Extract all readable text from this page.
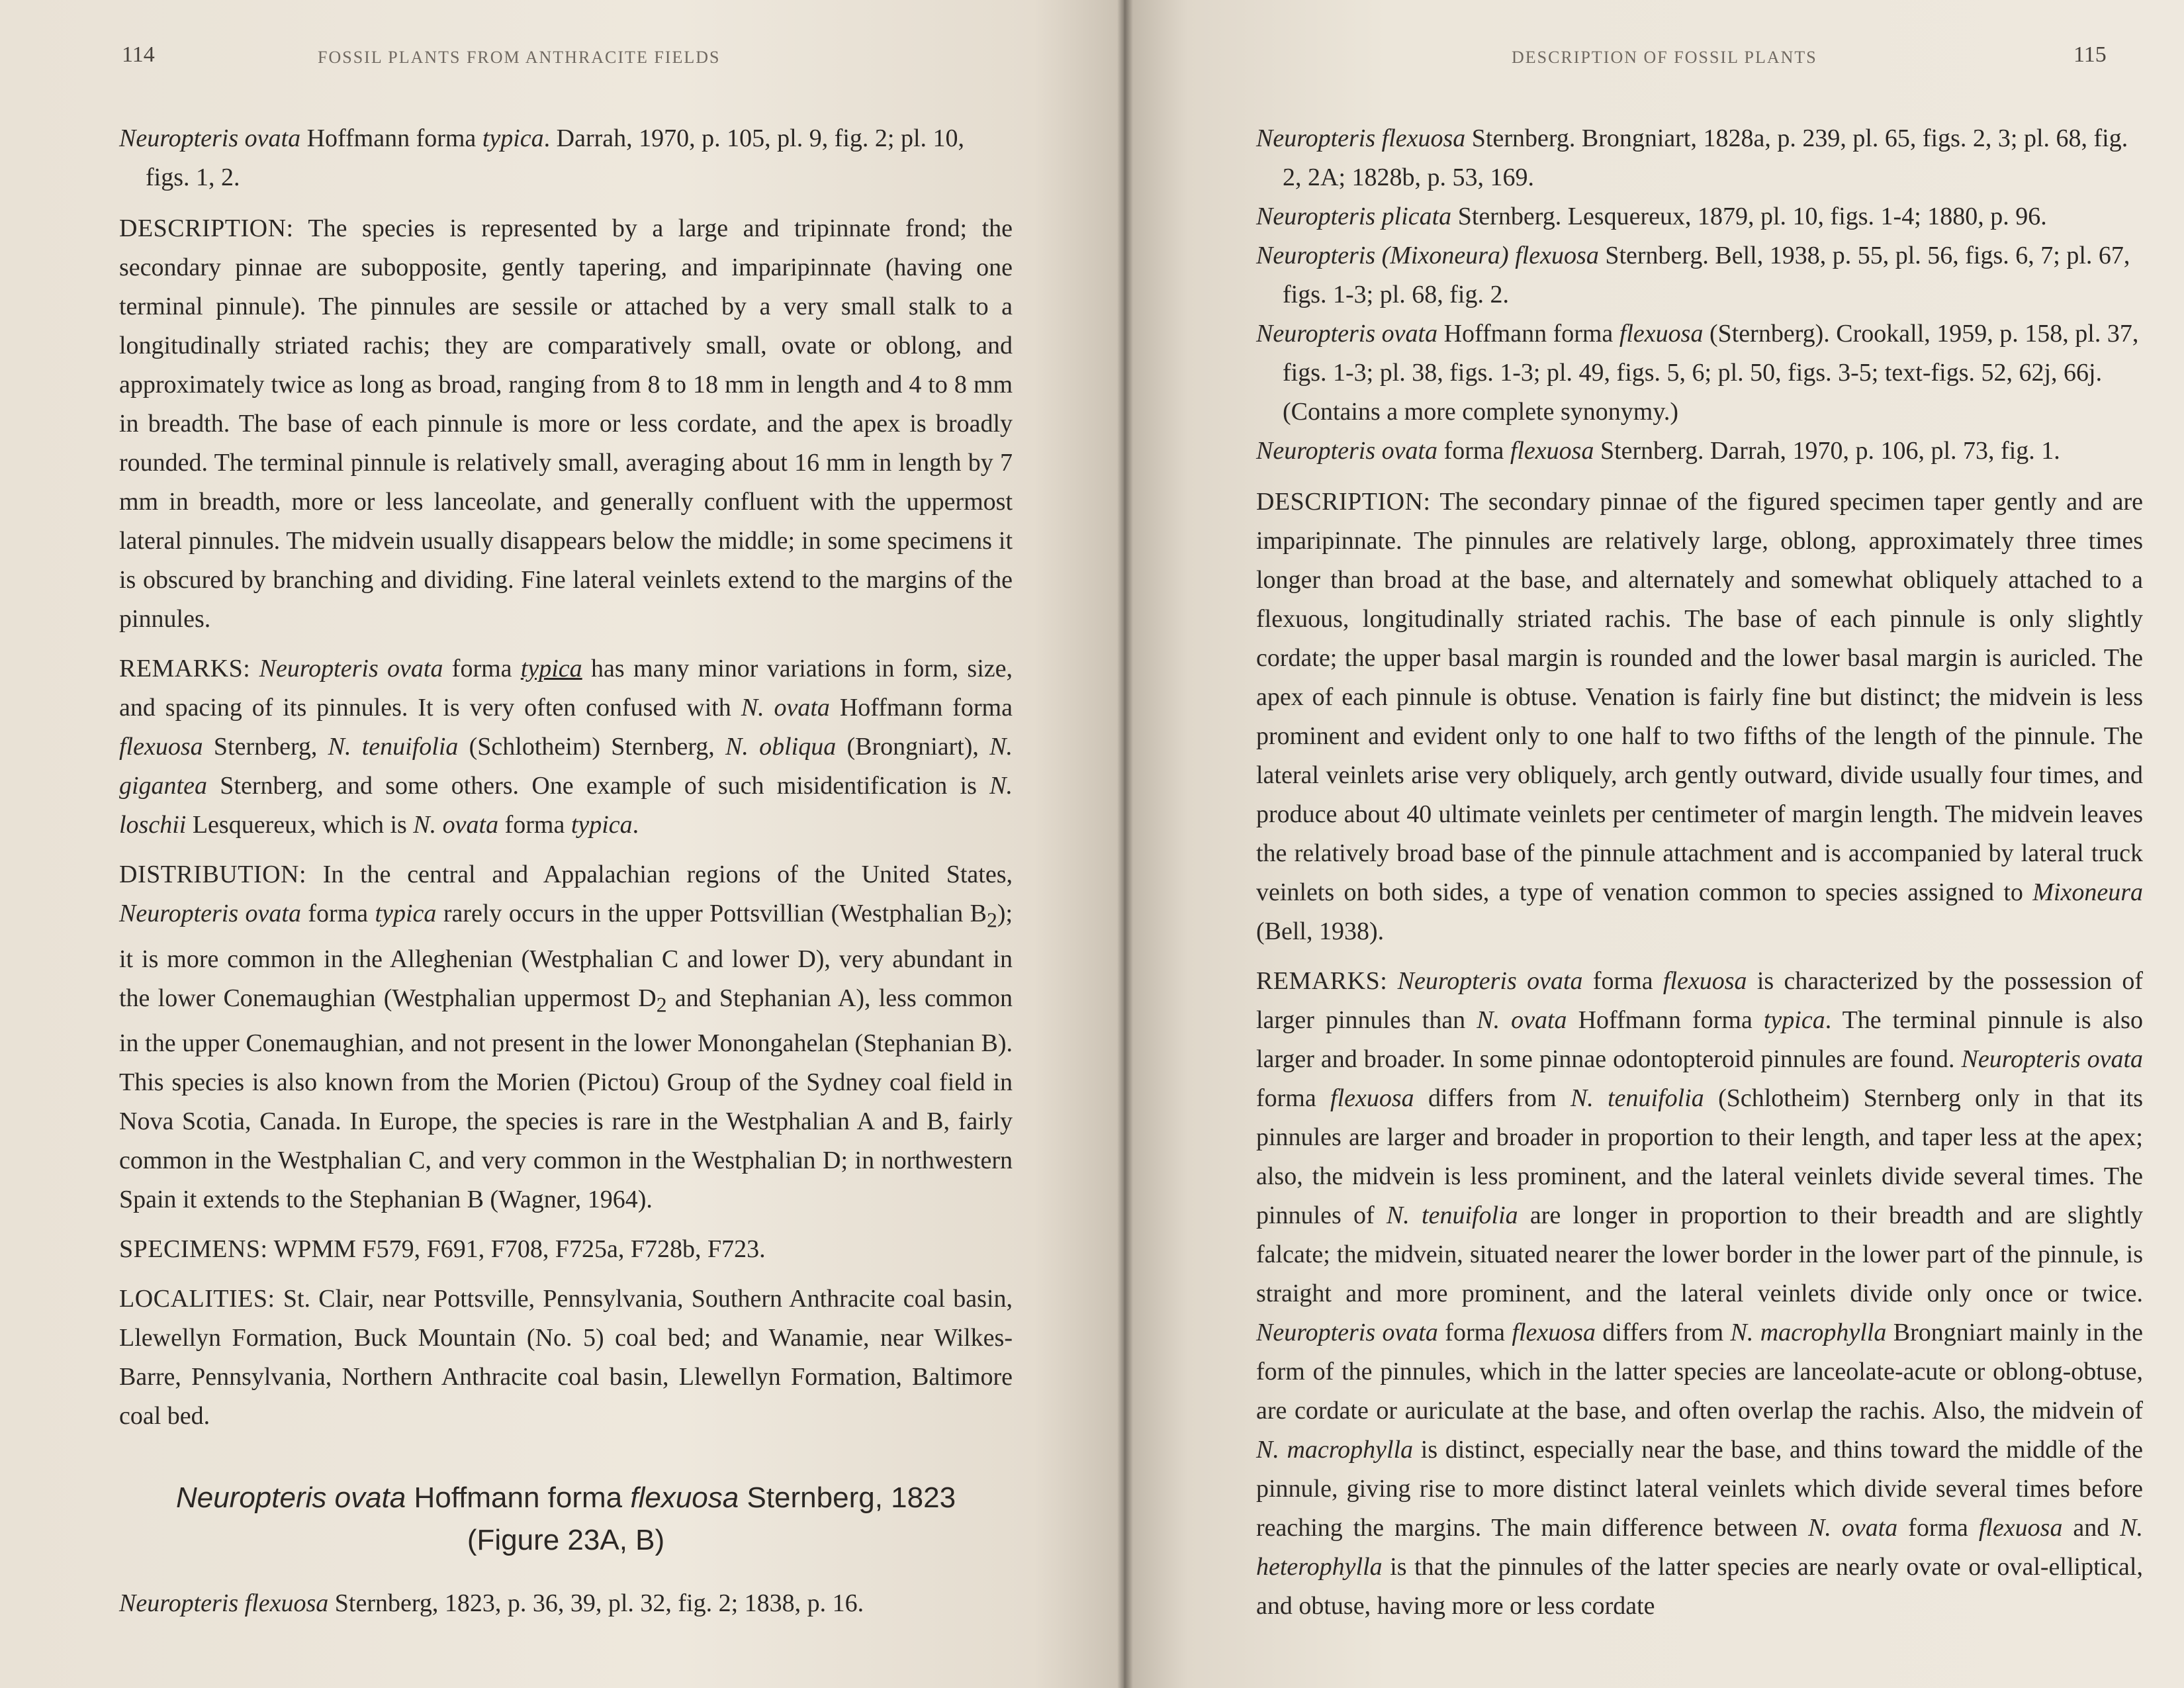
114	FOSSIL PLANTS FROM ANTHRACITE FIELDS

Neuropteris ovata Hoffmann forma typica. Darrah, 1970, p. 105, pl. 9, fig. 2; pl. 10, figs. 1, 2.

DESCRIPTION: The species is represented by a large and tripinnate frond; the secondary pinnae are subopposite, gently tapering, and imparipinnate (having one terminal pinnule). The pinnules are sessile or attached by a very small stalk to a longitudinally striated rachis; they are comparatively small, ovate or oblong, and approximately twice as long as broad, ranging from 8 to 18 mm in length and 4 to 8 mm in breadth. The base of each pinnule is more or less cordate, and the apex is broadly rounded. The terminal pinnule is relatively small, averaging about 16 mm in length by 7 mm in breadth, more or less lanceolate, and generally confluent with the uppermost lateral pinnules. The midvein usually disappears below the middle; in some specimens it is obscured by branching and dividing. Fine lateral veinlets extend to the margins of the pinnules.

REMARKS: Neuropteris ovata forma typica has many minor variations in form, size, and spacing of its pinnules. It is very often confused with N. ovata Hoffmann forma flexuosa Sternberg, N. tenuifolia (Schlotheim) Sternberg, N. obliqua (Brongniart), N. gigantea Sternberg, and some others. One example of such misidentification is N. loschii Lesquereux, which is N. ovata forma typica.

DISTRIBUTION: In the central and Appalachian regions of the United States, Neuropteris ovata forma typica rarely occurs in the upper Pottsvillian (Westphalian $B_2$); it is more common in the Alleghenian (Westphalian C and lower D), very abundant in the lower Conemaughian (Westphalian uppermost $D_2$ and Stephanian A), less common in the upper Conemaughian, and not present in the lower Monongahelan (Stephanian B). This species is also known from the Morien (Pictou) Group of the Sydney coal field in Nova Scotia, Canada. In Europe, the species is rare in the Westphalian A and B, fairly common in the Westphalian C, and very common in the Westphalian D; in northwestern Spain it extends to the Stephanian B (Wagner, 1964).

SPECIMENS: WPMM F579, F691, F708, F725a, F728b, F723.

LOCALITIES: St. Clair, near Pottsville, Pennsylvania, Southern Anthracite coal basin, Llewellyn Formation, Buck Mountain (No. 5) coal bed; and Wanamie, near Wilkes-Barre, Pennsylvania, Northern Anthracite coal basin, Llewellyn Formation, Baltimore coal bed.

Neuropteris ovata Hoffmann forma flexuosa Sternberg, 1823
(Figure 23A, B)

Neuropteris flexuosa Sternberg, 1823, p. 36, 39, pl. 32, fig. 2; 1838, p. 16.

DESCRIPTION OF FOSSIL PLANTS	115

Neuropteris flexuosa Sternberg. Brongniart, 1828a, p. 239, pl. 65, figs. 2, 3; pl. 68, fig. 2, 2A; 1828b, p. 53, 169.

Neuropteris plicata Sternberg. Lesquereux, 1879, pl. 10, figs. 1-4; 1880, p. 96.

Neuropteris (Mixoneura) flexuosa Sternberg. Bell, 1938, p. 55, pl. 56, figs. 6, 7; pl. 67, figs. 1-3; pl. 68, fig. 2.

Neuropteris ovata Hoffmann forma flexuosa (Sternberg). Crookall, 1959, p. 158, pl. 37, figs. 1-3; pl. 38, figs. 1-3; pl. 49, figs. 5, 6; pl. 50, figs. 3-5; text-figs. 52, 62j, 66j. (Contains a more complete synonymy.)

Neuropteris ovata forma flexuosa Sternberg. Darrah, 1970, p. 106, pl. 73, fig. 1.

DESCRIPTION: The secondary pinnae of the figured specimen taper gently and are imparipinnate. The pinnules are relatively large, oblong, approximately three times longer than broad at the base, and alternately and somewhat obliquely attached to a flexuous, longitudinally striated rachis. The base of each pinnule is only slightly cordate; the upper basal margin is rounded and the lower basal margin is auricled. The apex of each pinnule is obtuse. Venation is fairly fine but distinct; the midvein is less prominent and evident only to one half to two fifths of the length of the pinnule. The lateral veinlets arise very obliquely, arch gently outward, divide usually four times, and produce about 40 ultimate veinlets per centimeter of margin length. The midvein leaves the relatively broad base of the pinnule attachment and is accompanied by lateral truck veinlets on both sides, a type of venation common to species assigned to Mixoneura (Bell, 1938).

REMARKS: Neuropteris ovata forma flexuosa is characterized by the possession of larger pinnules than N. ovata Hoffmann forma typica. The terminal pinnule is also larger and broader. In some pinnae odontopteroid pinnules are found. Neuropteris ovata forma flexuosa differs from N. tenuifolia (Schlotheim) Sternberg only in that its pinnules are larger and broader in proportion to their length, and taper less at the apex; also, the midvein is less prominent, and the lateral veinlets divide several times. The pinnules of N. tenuifolia are longer in proportion to their breadth and are slightly falcate; the midvein, situated nearer the lower border in the lower part of the pinnule, is straight and more prominent, and the lateral veinlets divide only once or twice. Neuropteris ovata forma flexuosa differs from N. macrophylla Brongniart mainly in the form of the pinnules, which in the latter species are lanceolate-acute or oblong-obtuse, are cordate or auriculate at the base, and often overlap the rachis. Also, the midvein of N. macrophylla is distinct, especially near the base, and thins toward the middle of the pinnule, giving rise to more distinct lateral veinlets which divide several times before reaching the margins. The main difference between N. ovata forma flexuosa and N. heterophylla is that the pinnules of the latter species are nearly ovate or oval-elliptical, and obtuse, having more or less cordate
